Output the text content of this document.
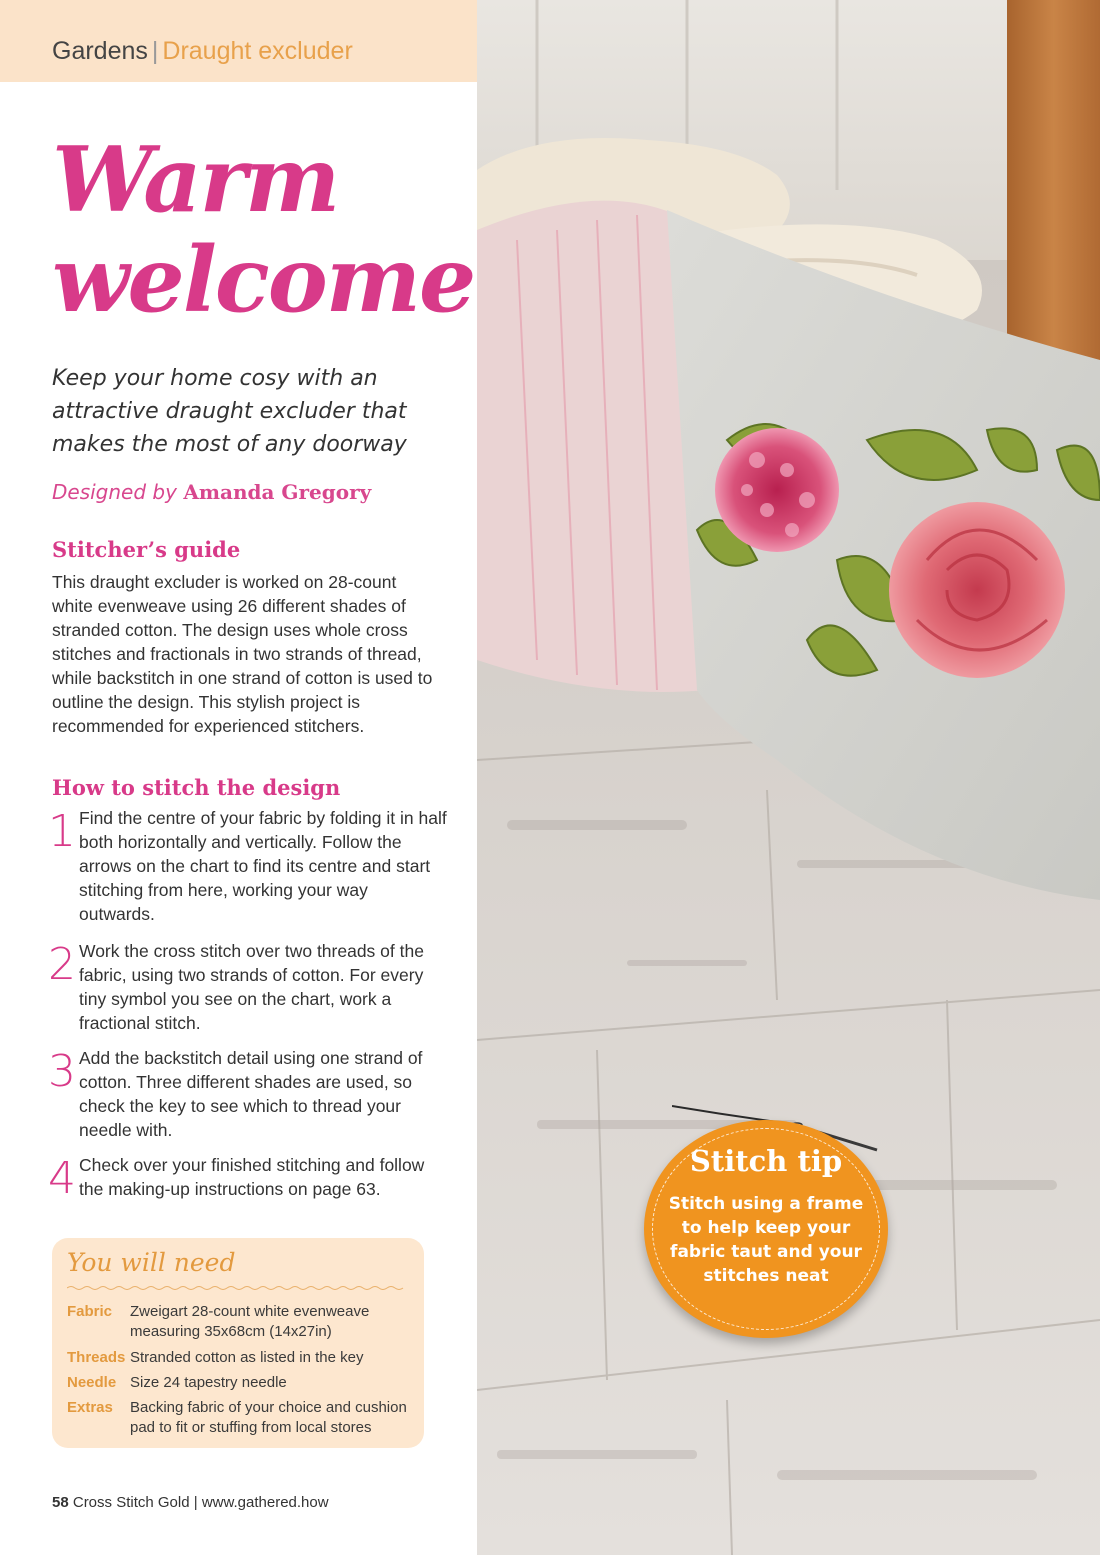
Gardens | Draught excluder
Warm
welcome

Keep your home cosy with an attractive draught excluder that makes the most of any doorway

Designed by Amanda Gregory
Stitcher’s guide

This draught excluder is worked on 28-count white evenweave using 26 different shades of stranded cotton. The design uses whole cross stitches and fractionals in two strands of thread, while backstitch in one strand of cotton is used to outline the design. This stylish project is recommended for experienced stitchers.

How to stitch the design
1 Find the centre of your fabric by folding it in half both horizontally and vertically. Follow the arrows on the chart to find its centre and start stitching from here, working your way outwards.
2 Work the cross stitch over two threads of the fabric, using two strands of cotton. For every tiny symbol you see on the chart, work a fractional stitch.
3 Add the backstitch detail using one strand of cotton. Three different shades are used, so check the key to see which to thread your needle with.
4 Check over your finished stitching and follow the making-up instructions on page 63.
You will need
Fabric Zweigart 28-count white evenweave measuring 35x68cm (14x27in)
Threads Stranded cotton as listed in the key
Needle Size 24 tapestry needle
Extras Backing fabric of your choice and cushion pad to fit or stuffing from local stores
58 Cross Stitch Gold | www.gathered.how
Stitch tip
Stitch using a frame to help keep your fabric taut and your stitches neat
